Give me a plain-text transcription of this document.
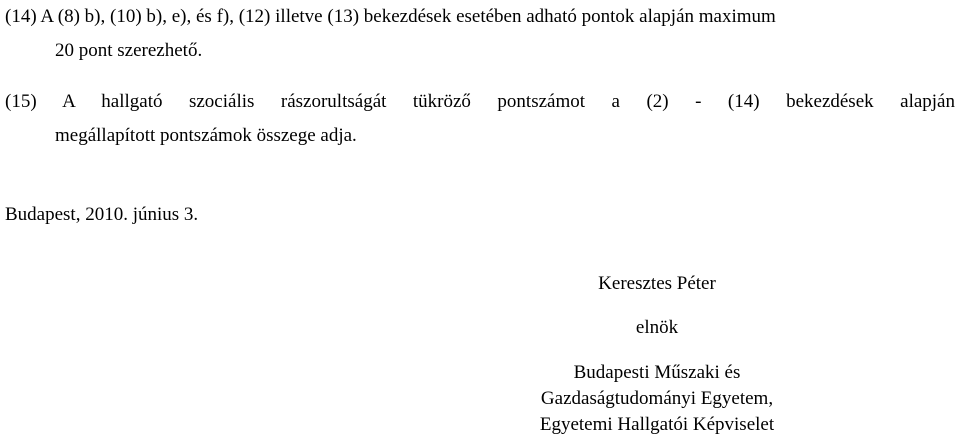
(14) A (8) b), (10) b), e), és f), (12) illetve (13) bekezdések esetében adható pontok alapján maximum
20 pont szerezhető.
(15) A hallgató szociális rászorultságát tükröző pontszámot a (2) - (14) bekezdések alapján
megállapított pontszámok összege adja.
Budapest, 2010. június 3.
Keresztes Péter
elnök
Budapesti Műszaki és
Gazdaságtudományi Egyetem,
Egyetemi Hallgatói Képviselet
